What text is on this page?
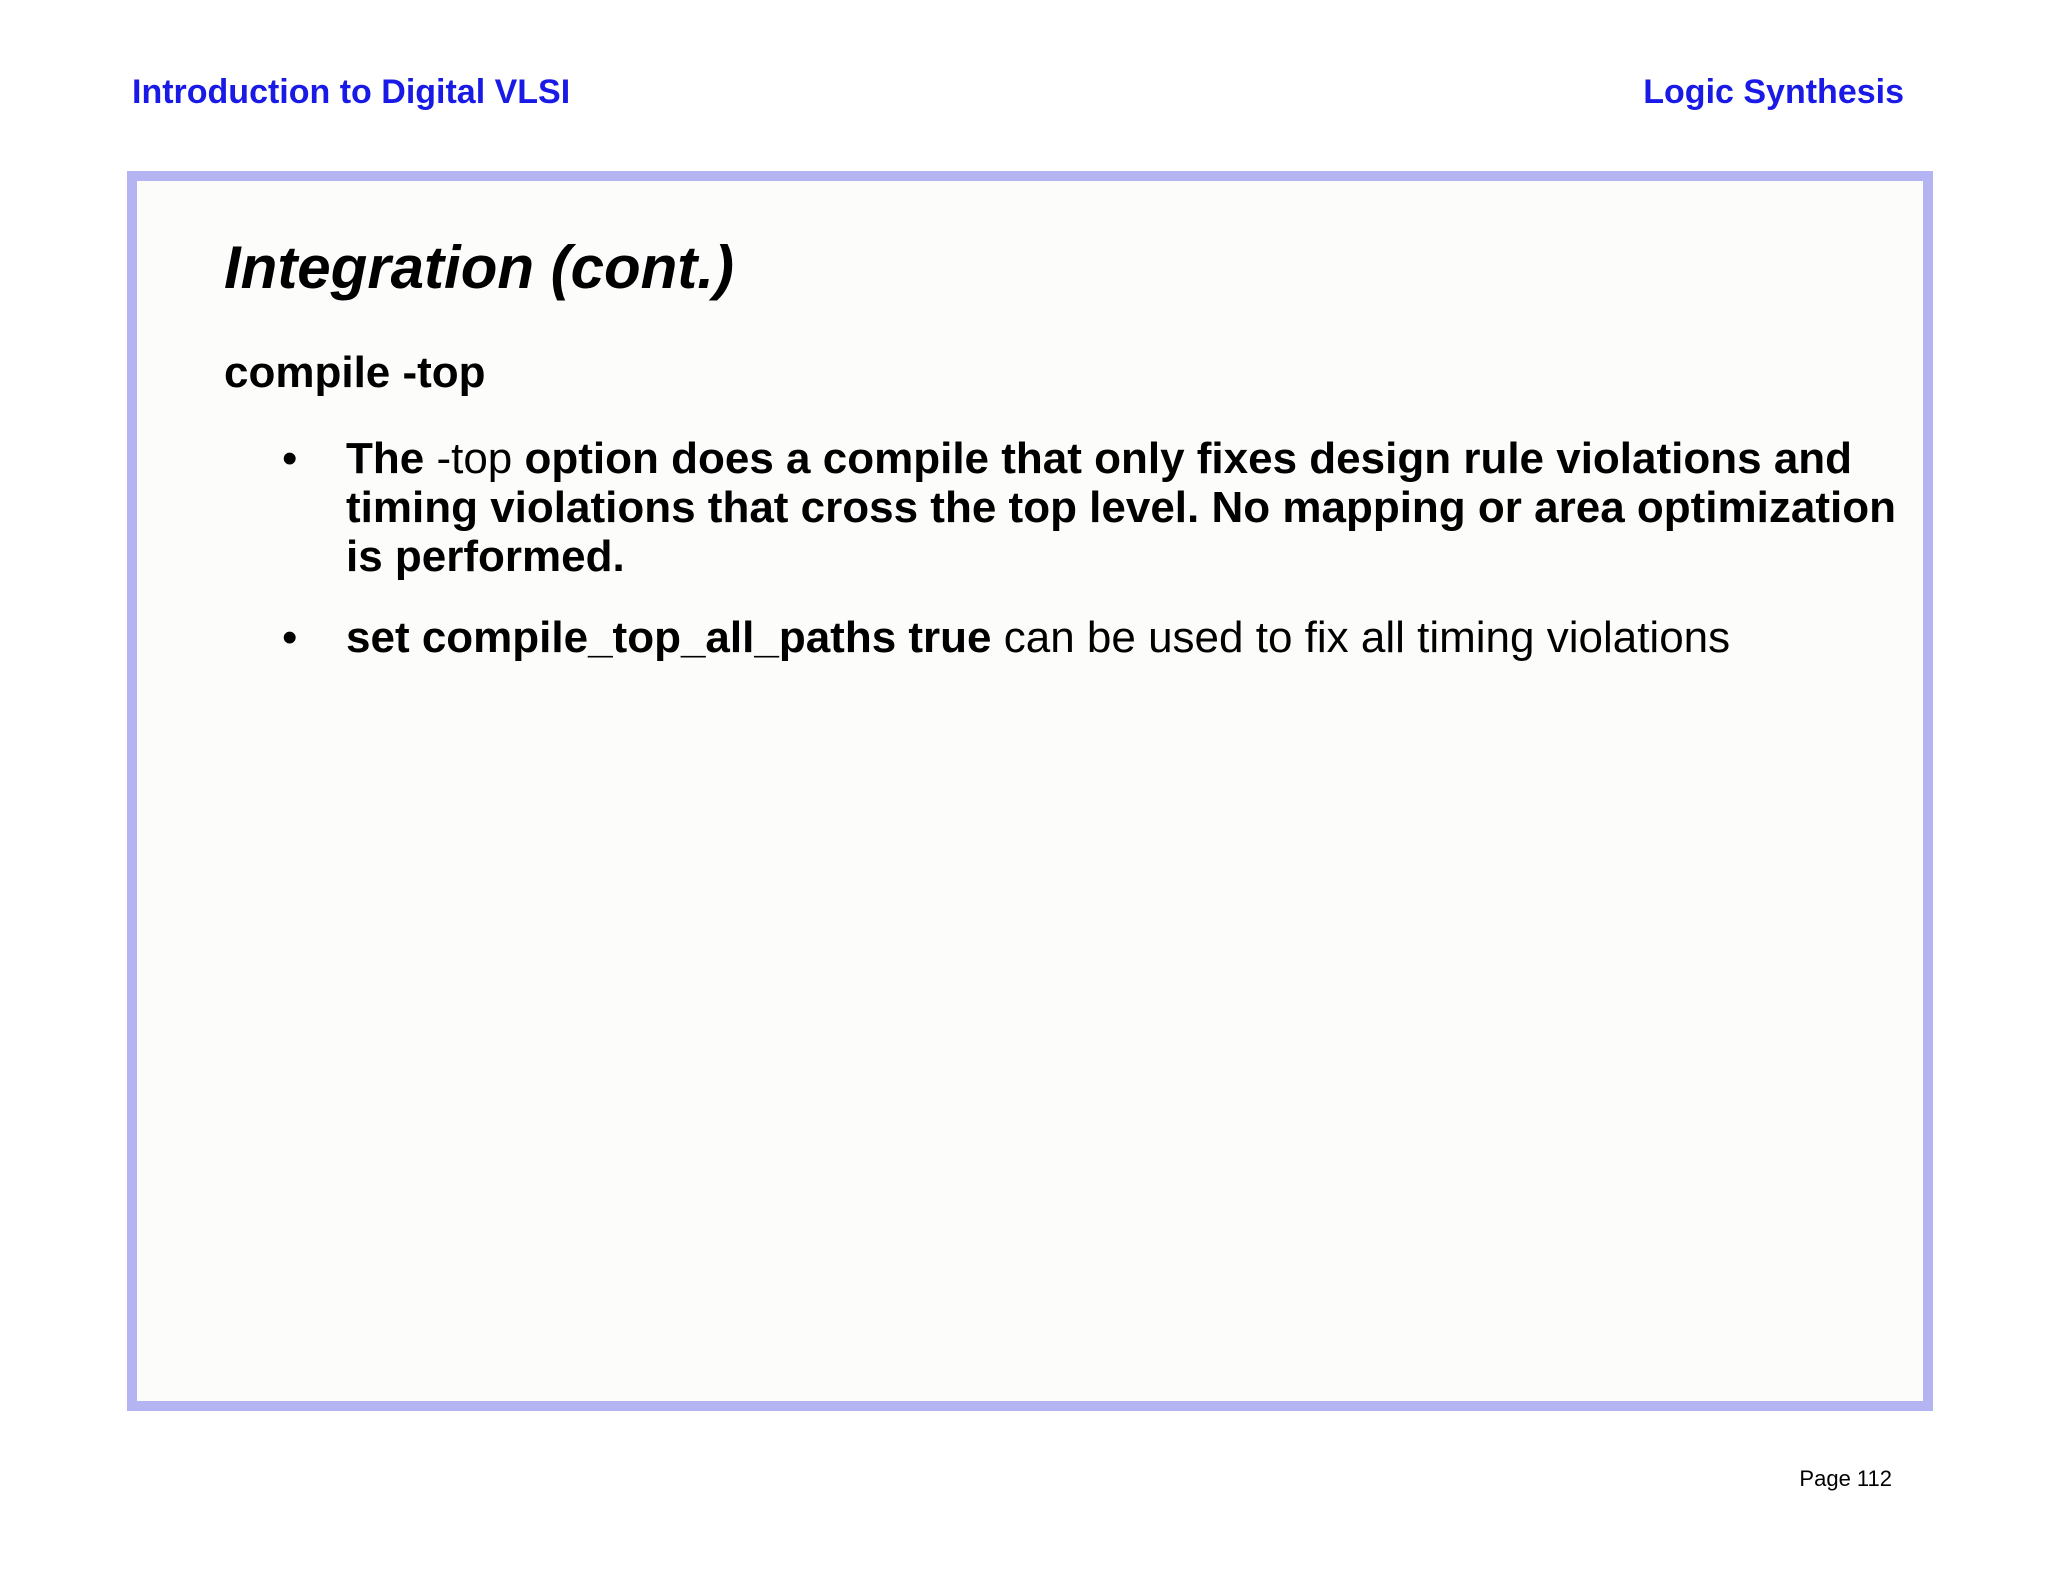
Introduction to Digital VLSI	Logic Synthesis
Integration (cont.)
compile -top
• The -top option does a compile that only fixes design rule violations and timing violations that cross the top level. No mapping or area optimization is performed.
• set compile_top_all_paths true can be used to fix all timing violations
Page 112
